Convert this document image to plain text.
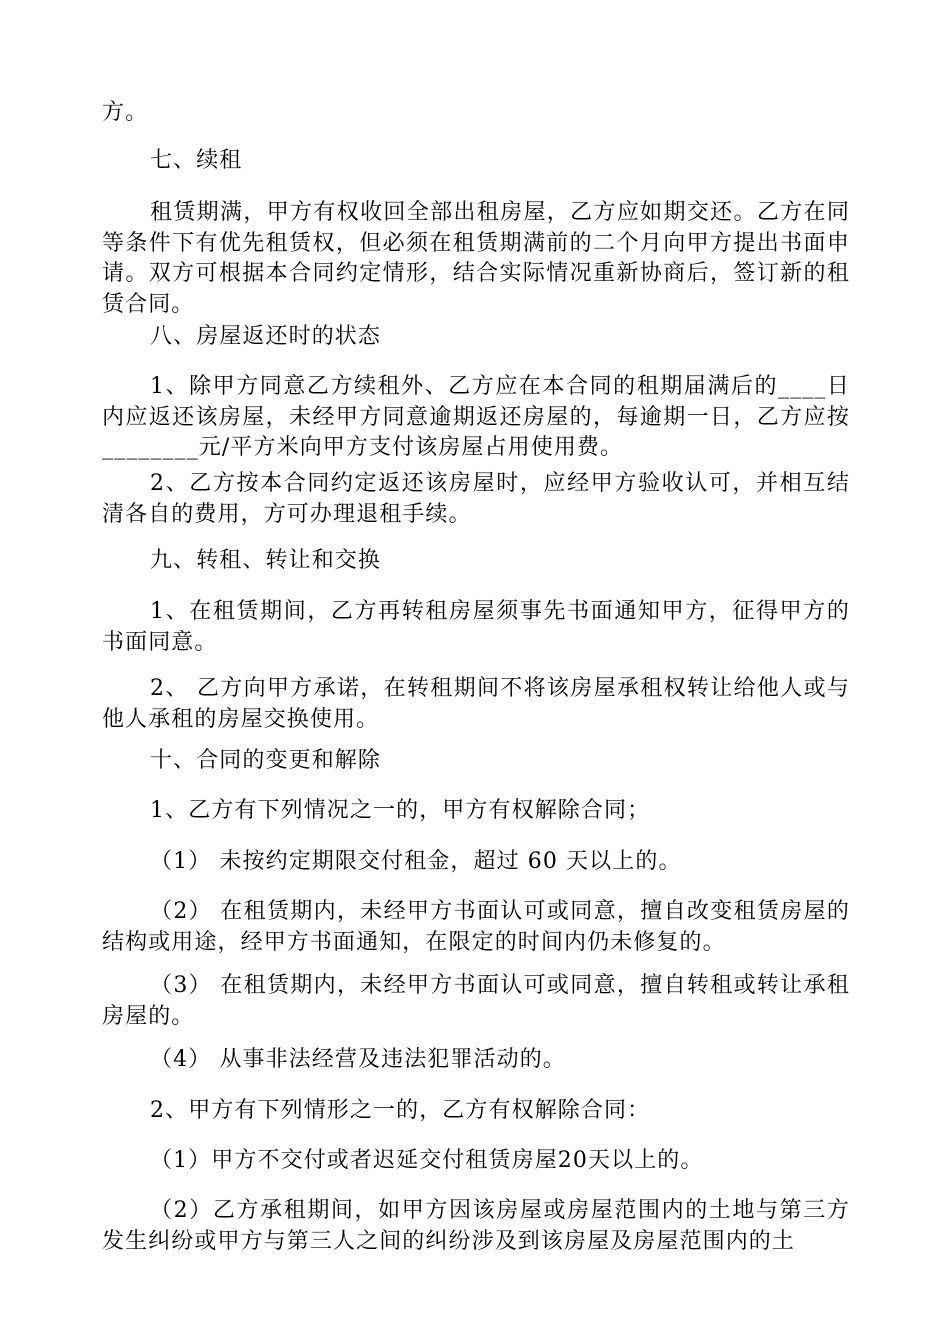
方。

七、续租

租赁期满，甲方有权收回全部出租房屋，乙方应如期交还。乙方在同等条件下有优先租赁权，但必须在租赁期满前的二个月向甲方提出书面申请。双方可根据本合同约定情形，结合实际情况重新协商后，签订新的租赁合同。

八、房屋返还时的状态

1、除甲方同意乙方续租外、乙方应在本合同的租期届满后的____日内应返还该房屋，未经甲方同意逾期返还房屋的，每逾期一日，乙方应按________元/平方米向甲方支付该房屋占用使用费。

2、乙方按本合同约定返还该房屋时，应经甲方验收认可，并相互结清各自的费用，方可办理退租手续。

九、转租、转让和交换

1、在租赁期间，乙方再转租房屋须事先书面通知甲方，征得甲方的书面同意。

2、 乙方向甲方承诺，在转租期间不将该房屋承租权转让给他人或与他人承租的房屋交换使用。

十、合同的变更和解除

1、乙方有下列情况之一的，甲方有权解除合同；

（1） 未按约定期限交付租金，超过 60 天以上的。

（2） 在租赁期内，未经甲方书面认可或同意，擅自改变租赁房屋的结构或用途，经甲方书面通知，在限定的时间内仍未修复的。

（3） 在租赁期内，未经甲方书面认可或同意，擅自转租或转让承租房屋的。

（4） 从事非法经营及违法犯罪活动的。

2、甲方有下列情形之一的，乙方有权解除合同：

（1）甲方不交付或者迟延交付租赁房屋20天以上的。

（2）乙方承租期间，如甲方因该房屋或房屋范围内的土地与第三方发生纠纷或甲方与第三人之间的纠纷涉及到该房屋及房屋范围内的土
